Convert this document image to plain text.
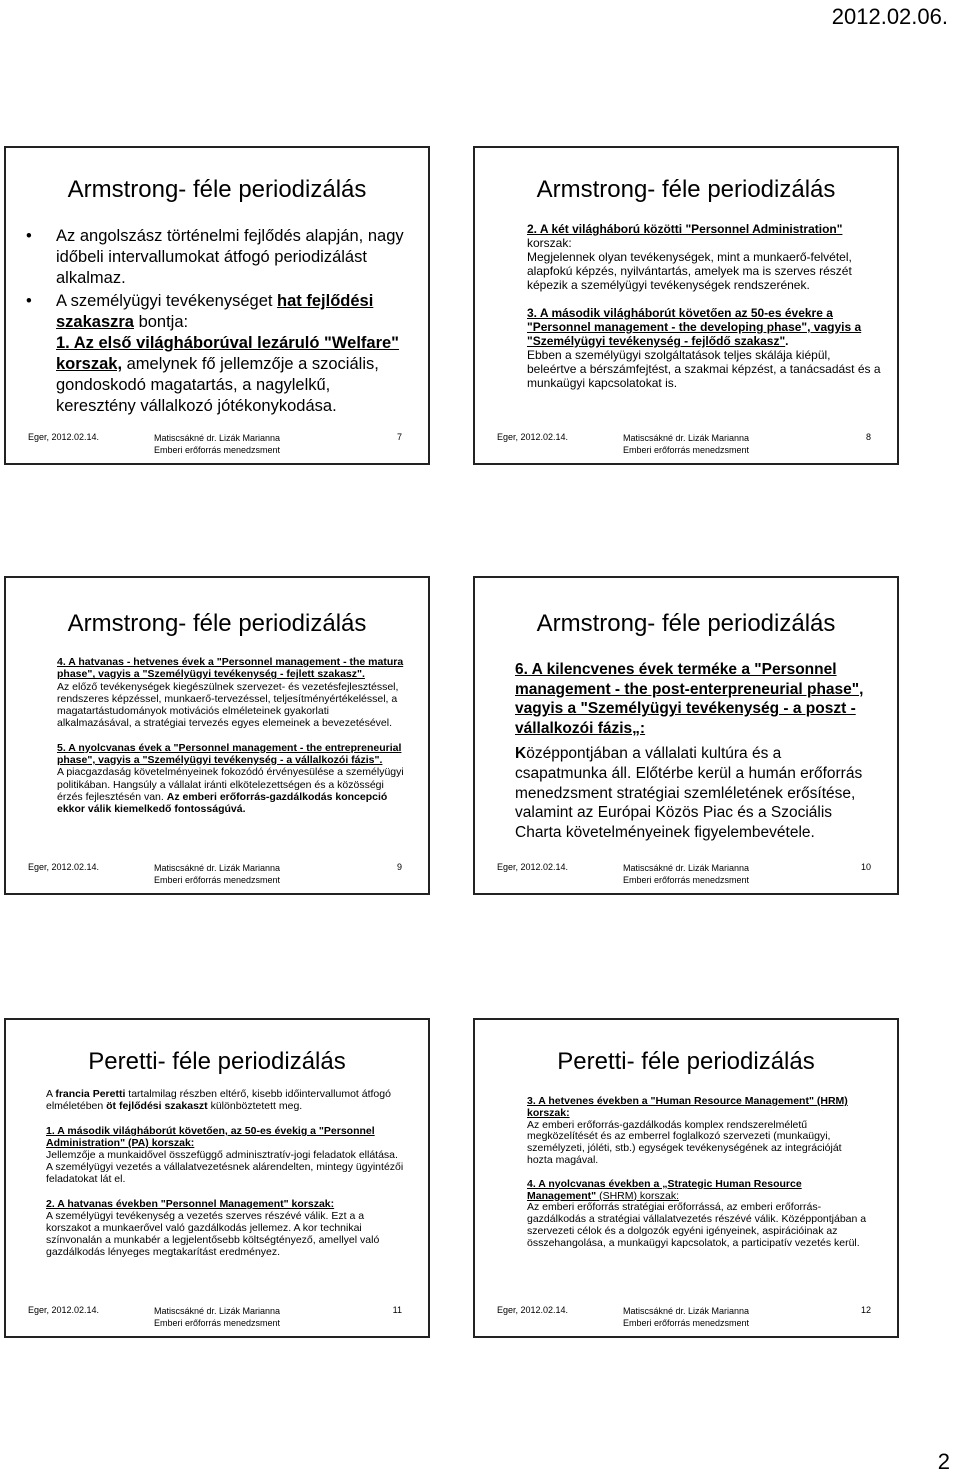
2012.02.06.
Armstrong- féle periodizálás
• Az angolszász történelmi fejlődés alapján, nagy időbeli intervallumokat átfogó periodizálást alkalmaz.
• A személyügyi tevékenységet hat fejlődési szakaszra bontja:

1. Az első világháborúval lezáruló "Welfare" korszak, amelynek fő jellemzője a szociális, gondoskodó magatartás, a nagylelkű, keresztény vállalkozó jótékonykodása.

Eger, 2012.02.14.	Matiscsákné dr. Lizák Marianna
Emberi erőforrás menedzsment
7
Armstrong- féle periodizálás

2. A két világháború közötti "Personnel Administration" korszak:

Megjelennek olyan tevékenységek, mint a munkaerő-felvétel, alapfokú képzés, nyilvántartás, amelyek ma is szerves részét képezik a személyügyi tevékenységek rendszerének.

3. A második világháborút követően az 50-es évekre a "Personnel management - the developing phase", vagyis a "Személyügyi tevékenység - fejlődő szakasz".

Ebben a személyügyi szolgáltatások teljes skálája kiépül, beleértve a bérszámfejtést, a szakmai képzést, a tanácsadást és a munkaügyi kapcsolatokat is.

Eger, 2012.02.14.	Matiscsákné dr. Lizák Marianna
Emberi erőforrás menedzsment
8
Armstrong- féle periodizálás

4. A hatvanas - hetvenes évek a "Personnel management - the matura phase", vagyis a "Személyügyi tevékenység - fejlett szakasz".

Az előző tevékenységek kiegészülnek szervezet- és vezetésfejlesztéssel, rendszeres képzéssel, munkaerő-tervezéssel, teljesítményértékeléssel, a magatartástudományok motivációs elméleteinek gyakorlati alkalmazásával, a stratégiai tervezés egyes elemeinek a bevezetésével.

5. A nyolcvanas évek a "Personnel management - the entrepreneurial phase", vagyis a "Személyügyi tevékenység - a vállalkozói fázis".

A piacgazdaság követelményeinek fokozódó érvényesülése a személyügyi politikában. Hangsúly a vállalat iránti elkötelezettségen és a közösségi érzés fejlesztésén van. Az emberi erőforrás-gazdálkodás koncepció ekkor válik kiemelkedő fontosságúvá.

Eger, 2012.02.14.	Matiscsákné dr. Lizák Marianna
Emberi erőforrás menedzsment
9
Armstrong- féle periodizálás

6. A kilencvenes évek terméke a "Personnel management - the post-enterpreneurial phase", vagyis a "Személyügyi tevékenység - a poszt - vállalkozói fázis„:

Középpontjában a vállalati kultúra és a csapatmunka áll. Előtérbe kerül a humán erőforrás menedzsment stratégiai szemléletének erősítése, valamint az Európai Közös Piac és a Szociális Charta követelményeinek figyelembevétele.

Eger, 2012.02.14.	Matiscsákné dr. Lizák Marianna
Emberi erőforrás menedzsment
10
Peretti- féle periodizálás

A francia Peretti tartalmilag részben eltérő, kisebb időintervallumot átfogó elméletében öt fejlődési szakaszt különböztetett meg.

1. A második világháborút követően, az 50-es évekig a "Personnel Administration" (PA) korszak:

Jellemzője a munkaidővel összefüggő adminisztratív-jogi feladatok ellátása. A személyügyi vezetés a vállalatvezetésnek alárendelten, mintegy ügyintézői feladatokat lát el.

2. A hatvanas években "Personnel Management" korszak:

A személyügyi tevékenység a vezetés szerves részévé válik. Ezt a a korszakot a munkaerővel való gazdálkodás jellemez. A kor technikai színvonalán a munkabér a legjelentősebb költségtényező, amellyel való gazdálkodás lényeges megtakarítást eredményez.

Eger, 2012.02.14.	Matiscsákné dr. Lizák Marianna
Emberi erőforrás menedzsment
11
Peretti- féle periodizálás

3. A hetvenes években a "Human Resource Management" (HRM) korszak:

Az emberi erőforrás-gazdálkodás komplex rendszerelméletű megközelítését és az emberrel foglalkozó szervezeti (munkaügyi, személyzeti, jóléti, stb.) egységek tevékenységének az integrációját hozta magával.

4. A nyolcvanas években a „Strategic Human Resource Management" (SHRM) korszak:

Az emberi erőforrás stratégiai erőforrássá, az emberi erőforrás-gazdálkodás a stratégiai vállalatvezetés részévé válik. Középpontjában a szervezeti célok és a dolgozók egyéni igényeinek, aspirációinak az összehangolása, a munkaügyi kapcsolatok, a participatív vezetés kerül.

Eger, 2012.02.14.	Matiscsákné dr. Lizák Marianna
Emberi erőforrás menedzsment
12
2
